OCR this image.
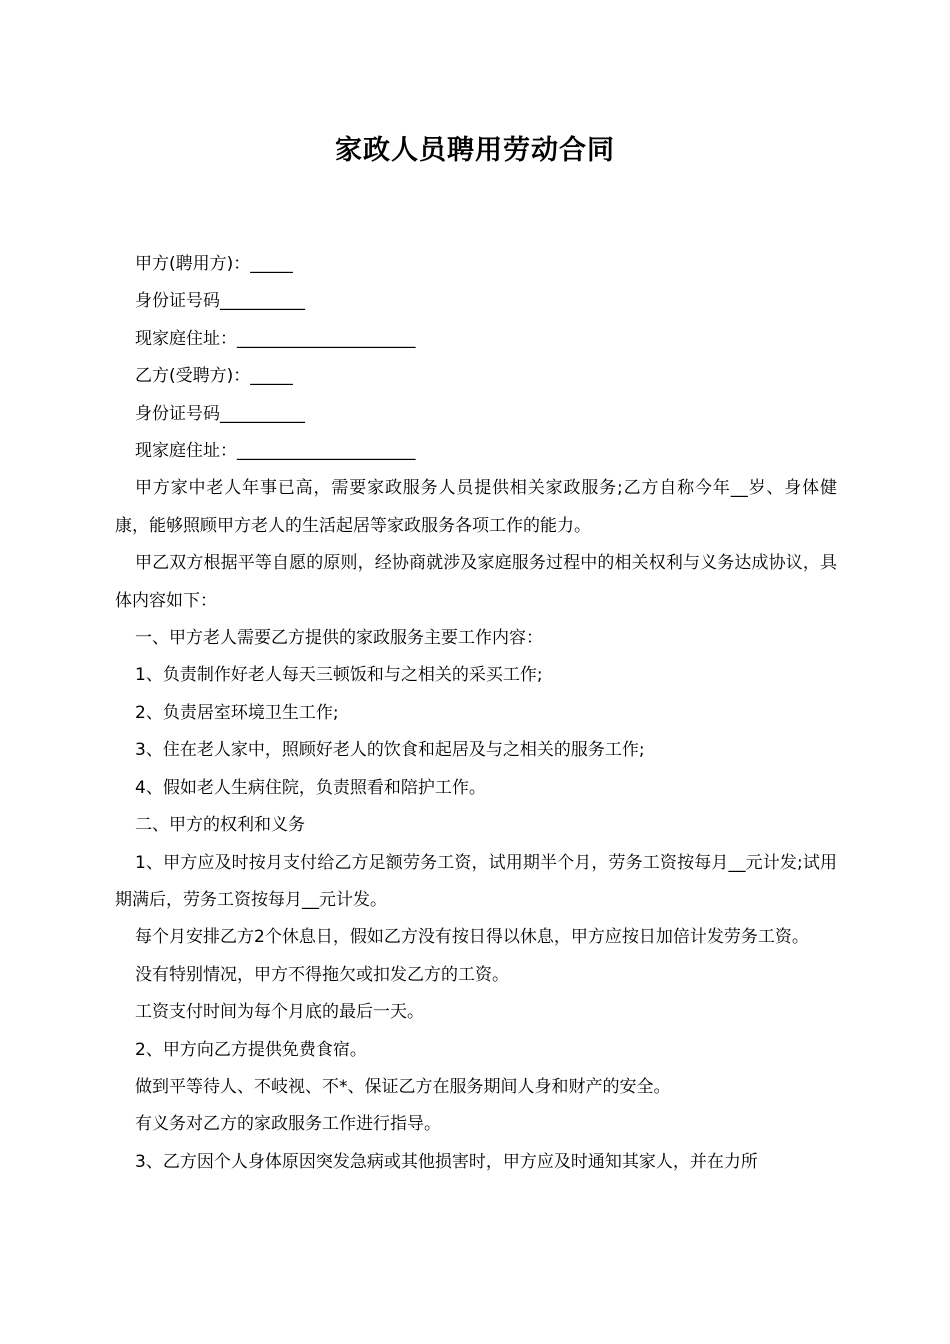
家政人员聘用劳动合同

甲方(聘用方)：_____

身份证号码__________

现家庭住址：_____________________

乙方(受聘方)：_____

身份证号码__________

现家庭住址：_____________________

甲方家中老人年事已高，需要家政服务人员提供相关家政服务;乙方自称今年__岁、身体健康，能够照顾甲方老人的生活起居等家政服务各项工作的能力。

甲乙双方根据平等自愿的原则，经协商就涉及家庭服务过程中的相关权利与义务达成协议，具体内容如下：

一、甲方老人需要乙方提供的家政服务主要工作内容：

1、负责制作好老人每天三顿饭和与之相关的采买工作;

2、负责居室环境卫生工作;

3、住在老人家中，照顾好老人的饮食和起居及与之相关的服务工作;

4、假如老人生病住院，负责照看和陪护工作。

二、甲方的权利和义务

1、甲方应及时按月支付给乙方足额劳务工资，试用期半个月，劳务工资按每月__元计发;试用期满后，劳务工资按每月__元计发。

每个月安排乙方2个休息日，假如乙方没有按日得以休息，甲方应按日加倍计发劳务工资。

没有特别情况，甲方不得拖欠或扣发乙方的工资。

工资支付时间为每个月底的最后一天。

2、甲方向乙方提供免费食宿。

做到平等待人、不岐视、不*、保证乙方在服务期间人身和财产的安全。

有义务对乙方的家政服务工作进行指导。

3、乙方因个人身体原因突发急病或其他损害时，甲方应及时通知其家人，并在力所
